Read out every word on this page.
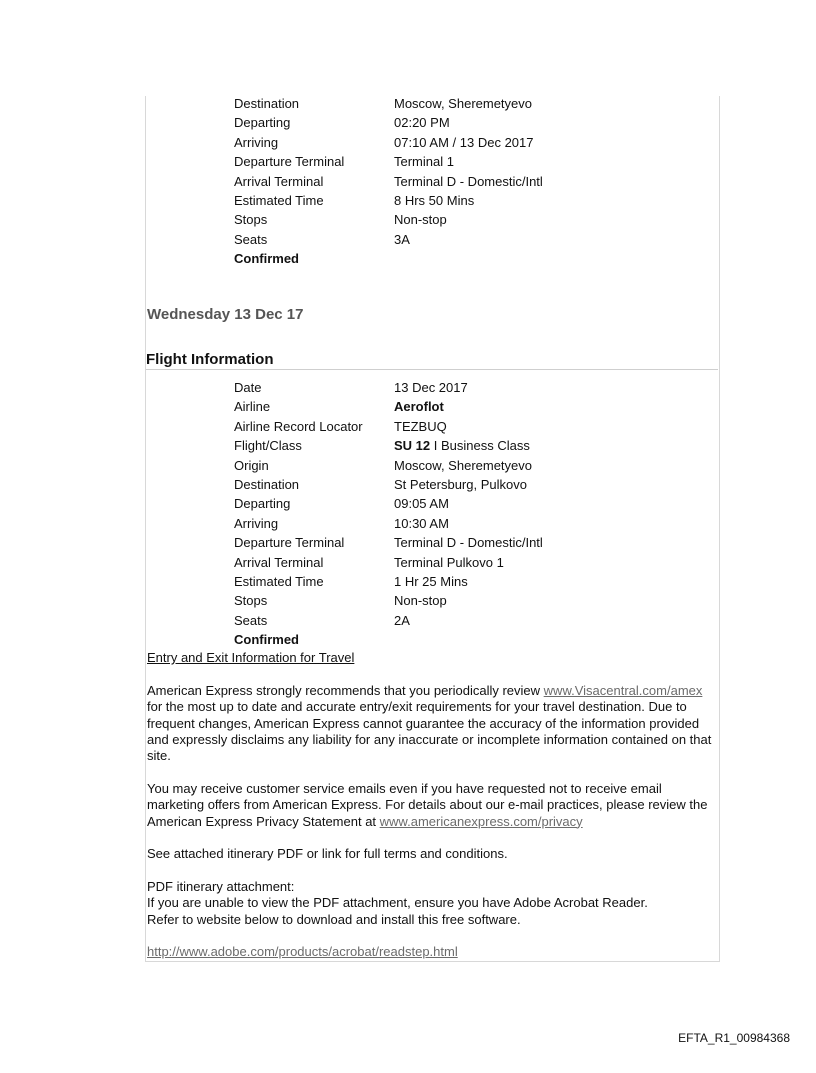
Destination	Moscow, Sheremetyevo
Departing	02:20 PM
Arriving	07:10 AM / 13 Dec 2017
Departure Terminal	Terminal 1
Arrival Terminal	Terminal D - Domestic/Intl
Estimated Time	8 Hrs 50 Mins
Stops	Non-stop
Seats	3A
Confirmed
Wednesday 13 Dec 17
Flight Information
Date	13 Dec 2017
Airline	Aeroflot
Airline Record Locator	TEZBUQ
Flight/Class	SU 12 I Business Class
Origin	Moscow, Sheremetyevo
Destination	St Petersburg, Pulkovo
Departing	09:05 AM
Arriving	10:30 AM
Departure Terminal	Terminal D - Domestic/Intl
Arrival Terminal	Terminal Pulkovo 1
Estimated Time	1 Hr 25 Mins
Stops	Non-stop
Seats	2A
Confirmed
Entry and Exit Information for Travel

American Express strongly recommends that you periodically review www.Visacentral.com/amex for the most up to date and accurate entry/exit requirements for your travel destination. Due to frequent changes, American Express cannot guarantee the accuracy of the information provided and expressly disclaims any liability for any inaccurate or incomplete information contained on that site.

You may receive customer service emails even if you have requested not to receive email marketing offers from American Express. For details about our e-mail practices, please review the American Express Privacy Statement at www.americanexpress.com/privacy

See attached itinerary PDF or link for full terms and conditions.

PDF itinerary attachment:
If you are unable to view the PDF attachment, ensure you have Adobe Acrobat Reader.
Refer to website below to download and install this free software.

http://www.adobe.com/products/acrobat/readstep.html

EFTA_R1_00984368
